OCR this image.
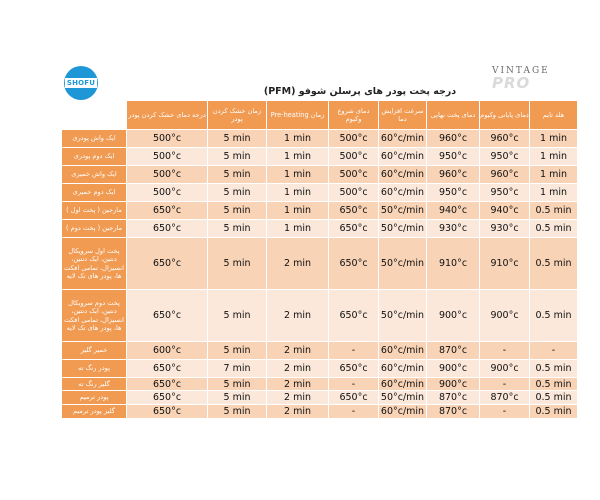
SHOFU
VINTAGE
PRO
درجه پخت پودر های پرسلن شوفو (PFM)
	درجه دمای خشک کردن پودر	زمان خشک کردن پودر	زمان Pre-heating	دمای شروع وکیوم	سرعت افزایش دما	دمای پخت نهایی	دمای پایانی وکیوم	هلد تایم
ایک واش پودری	500°c	5 min	1 min	500°c	60°c/min	960°c	960°c	1 min
ایک دوم پودری	500°c	5 min	1 min	500°c	60°c/min	950°c	950°c	1 min
ایک واش خمیری	500°c	5 min	1 min	500°c	60°c/min	960°c	960°c	1 min
ایک دوم خمیری	500°c	5 min	1 min	500°c	60°c/min	950°c	950°c	1 min
مارجین ( پخت اول )	650°c	5 min	1 min	650°c	50°c/min	940°c	940°c	0.5 min
مارجین ( پخت دوم )	650°c	5 min	1 min	650°c	50°c/min	930°c	930°c	0.5 min
پخت اول سرویکال دنتین، ایک دنتین، انسیزال، تمامی افکت ها، پودر های تک لایه	650°c	5 min	2 min	650°c	50°c/min	910°c	910°c	0.5 min
پخت دوم سرویکال دنتین، ایک دنتین، انسیزال، تمامی افکت ها، پودر های تک لایه	650°c	5 min	2 min	650°c	50°c/min	900°c	900°c	0.5 min
خمیر گلیز	600°c	5 min	2 min	-	60°c/min	870°c	-	-
پودر رنگ ته	650°c	7 min	2 min	650°c	60°c/min	900°c	900°c	0.5 min
گلیز رنگ ته	650°c	5 min	2 min	-	60°c/min	900°c	-	0.5 min
پودر ترمیم	650°c	5 min	2 min	650°c	50°c/min	870°c	870°c	0.5 min
گلیز پودر ترمیم	650°c	5 min	2 min	-	60°c/min	870°c	-	0.5 min
